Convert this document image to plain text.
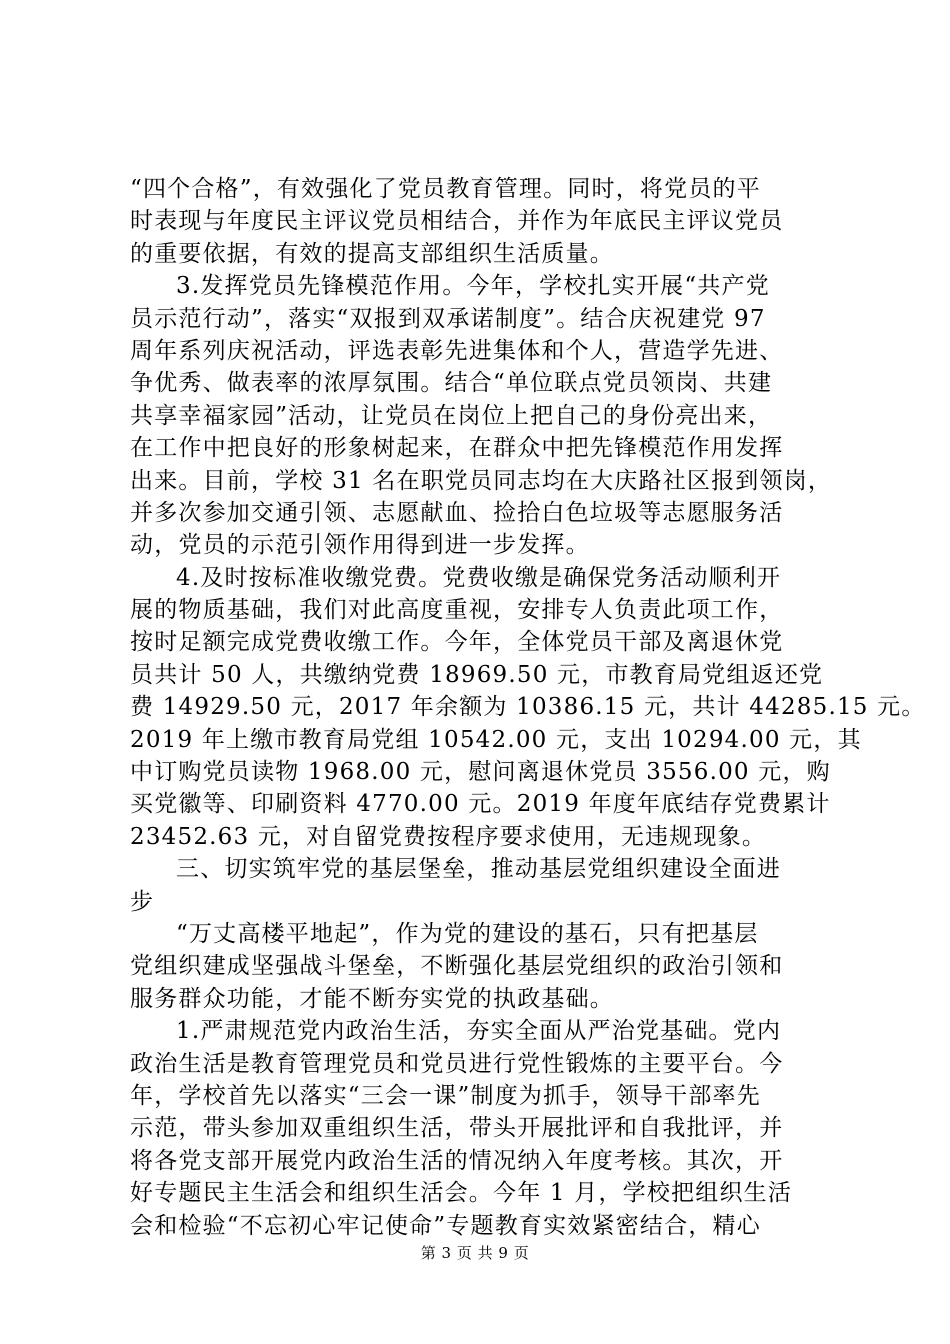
“四个合格”，有效强化了党员教育管理。同时，将党员的平
时表现与年度民主评议党员相结合，并作为年底民主评议党员
的重要依据，有效的提高支部组织生活质量。
3.发挥党员先锋模范作用。今年，学校扎实开展“共产党
员示范行动”，落实“双报到双承诺制度”。结合庆祝建党 97
周年系列庆祝活动，评选表彰先进集体和个人，营造学先进、
争优秀、做表率的浓厚氛围。结合“单位联点党员领岗、共建
共享幸福家园”活动，让党员在岗位上把自己的身份亮出来，
在工作中把良好的形象树起来，在群众中把先锋模范作用发挥
出来。目前，学校 31 名在职党员同志均在大庆路社区报到领岗，
并多次参加交通引领、志愿献血、捡拾白色垃圾等志愿服务活
动，党员的示范引领作用得到进一步发挥。
4.及时按标准收缴党费。党费收缴是确保党务活动顺利开
展的物质基础，我们对此高度重视，安排专人负责此项工作，
按时足额完成党费收缴工作。今年，全体党员干部及离退休党
员共计 50 人，共缴纳党费 18969.50 元，市教育局党组返还党
费 14929.50 元，2017 年余额为 10386.15 元，共计 44285.15 元。
2019 年上缴市教育局党组 10542.00 元，支出 10294.00 元，其
中订购党员读物 1968.00 元，慰问离退休党员 3556.00 元，购
买党徽等、印刷资料 4770.00 元。2019 年度年底结存党费累计
23452.63 元，对自留党费按程序要求使用，无违规现象。
三、切实筑牢党的基层堡垒，推动基层党组织建设全面进
步
“万丈高楼平地起”，作为党的建设的基石，只有把基层
党组织建成坚强战斗堡垒，不断强化基层党组织的政治引领和
服务群众功能，才能不断夯实党的执政基础。
1.严肃规范党内政治生活，夯实全面从严治党基础。党内
政治生活是教育管理党员和党员进行党性锻炼的主要平台。今
年，学校首先以落实“三会一课”制度为抓手，领导干部率先
示范，带头参加双重组织生活，带头开展批评和自我批评，并
将各党支部开展党内政治生活的情况纳入年度考核。其次，开
好专题民主生活会和组织生活会。今年 1 月，学校把组织生活
会和检验“不忘初心牢记使命”专题教育实效紧密结合，精心
第 3 页 共 9 页
